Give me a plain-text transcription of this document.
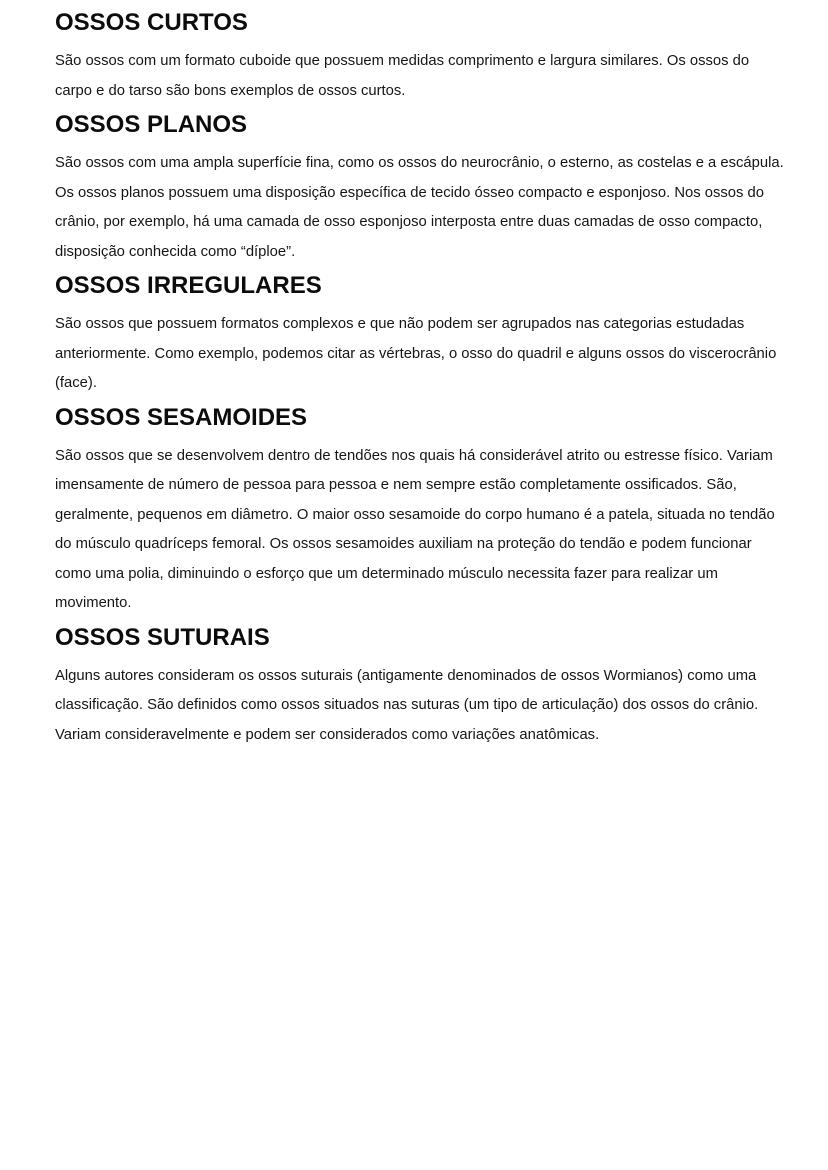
OSSOS CURTOS

São ossos com um formato cuboide que possuem medidas comprimento e largura similares. Os ossos do carpo e do tarso são bons exemplos de ossos curtos.

OSSOS PLANOS

São ossos com uma ampla superfície fina, como os ossos do neurocrânio, o esterno, as costelas e a escápula. Os ossos planos possuem uma disposição específica de tecido ósseo compacto e esponjoso. Nos ossos do crânio, por exemplo, há uma camada de osso esponjoso interposta entre duas camadas de osso compacto, disposição conhecida como “díploe”.

OSSOS IRREGULARES

São ossos que possuem formatos complexos e que não podem ser agrupados nas categorias estudadas anteriormente. Como exemplo, podemos citar as vértebras, o osso do quadril e alguns ossos do viscerocrânio (face).

OSSOS SESAMOIDES

São ossos que se desenvolvem dentro de tendões nos quais há considerável atrito ou estresse físico. Variam imensamente de número de pessoa para pessoa e nem sempre estão completamente ossificados. São, geralmente, pequenos em diâmetro. O maior osso sesamoide do corpo humano é a patela, situada no tendão do músculo quadríceps femoral. Os ossos sesamoides auxiliam na proteção do tendão e podem funcionar como uma polia, diminuindo o esforço que um determinado músculo necessita fazer para realizar um movimento.

OSSOS SUTURAIS

Alguns autores consideram os ossos suturais (antigamente denominados de ossos Wormianos) como uma classificação. São definidos como ossos situados nas suturas (um tipo de articulação) dos ossos do crânio. Variam consideravelmente e podem ser considerados como variações anatômicas.
